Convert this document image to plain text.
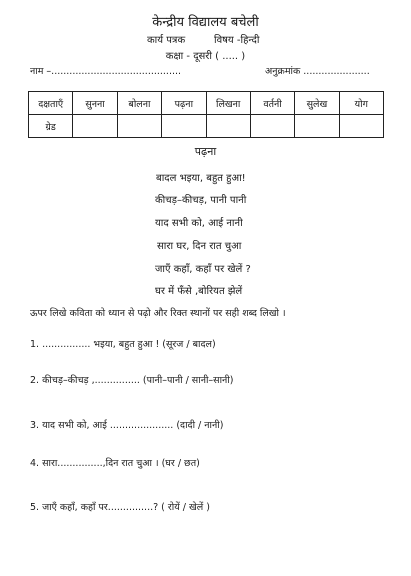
केन्द्रीय विद्यालय बचेली
कार्य पत्रक	विषय -हिन्दी
कक्षा - दूसरी ( ..... )
नाम –...........................................	अनुक्रमांक ......................
दक्षताएँ	सुनना	बोलना	पढ़ना	लिखना	वर्तनी	सुलेख	योग
ग्रेड							
पढ़ना
बादल भइया, बहुत हुआ!
कीचड़–कीचड़, पानी पानी
याद सभी को, आई नानी
सारा घर, दिन रात चुआ
जाएँ कहाँ, कहाँ पर खेलें ?
घर में फँसे ,बोरियत झेलें
ऊपर लिखे कविता को ध्यान से पढ़ो और रिक्त स्थानों पर सही शब्द लिखो ।
1. ................ भइया, बहुत हुआ ! (सूरज / बादल)
2. कीचड़–कीचड़ ,............... (पानी–पानी / सानी–सानी)
3. याद सभी को, आई ..................... (दादी / नानी)
4. सारा...............,दिन रात चुआ । (घर / छत)
5. जाएँ कहाँ, कहाँ पर...............? ( रोयें / खेलें )
